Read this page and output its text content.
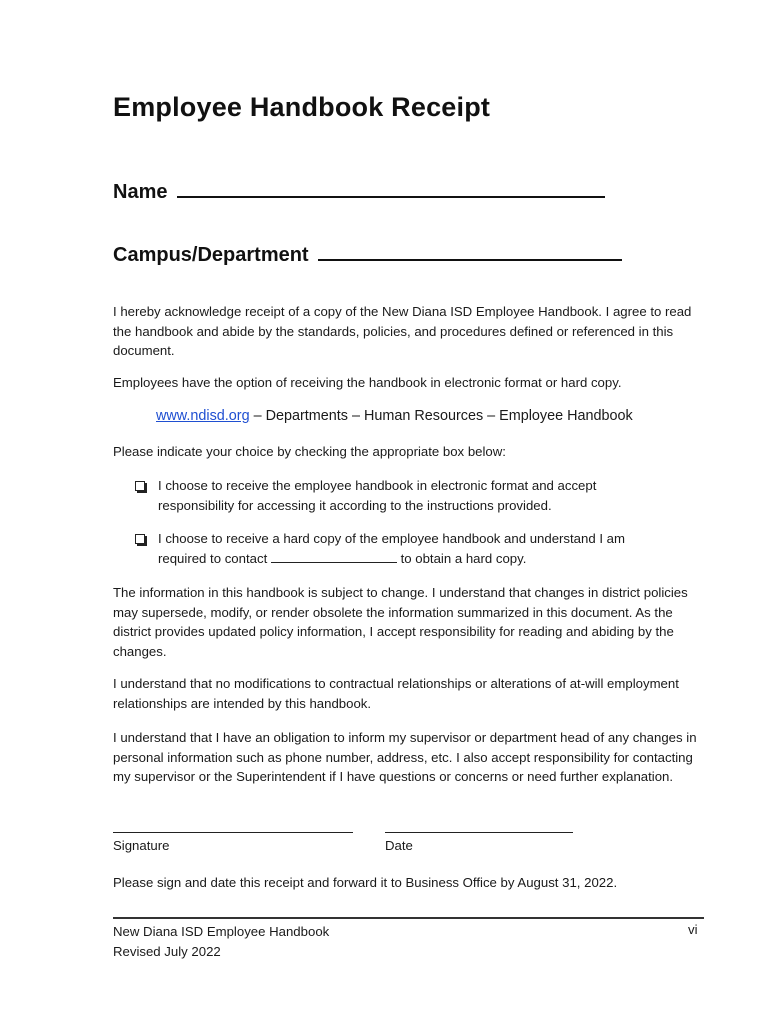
Employee Handbook Receipt
Name
Campus/Department

I hereby acknowledge receipt of a copy of the New Diana ISD Employee Handbook. I agree to read the handbook and abide by the standards, policies, and procedures defined or referenced in this document.

Employees have the option of receiving the handbook in electronic format or hard copy.

www.ndisd.org – Departments – Human Resources – Employee Handbook

Please indicate your choice by checking the appropriate box below:

I choose to receive the employee handbook in electronic format and accept responsibility for accessing it according to the instructions provided.
I choose to receive a hard copy of the employee handbook and understand I am required to contact	to obtain a hard copy.

The information in this handbook is subject to change. I understand that changes in district policies may supersede, modify, or render obsolete the information summarized in this document. As the district provides updated policy information, I accept responsibility for reading and abiding by the changes.

I understand that no modifications to contractual relationships or alterations of at-will employment relationships are intended by this handbook.

I understand that I have an obligation to inform my supervisor or department head of any changes in personal information such as phone number, address, etc. I also accept responsibility for contacting my supervisor or the Superintendent if I have questions or concerns or need further explanation.

Signature	Date

Please sign and date this receipt and forward it to Business Office by August 31, 2022.

New Diana ISD Employee Handbook
Revised July 2022
vi
